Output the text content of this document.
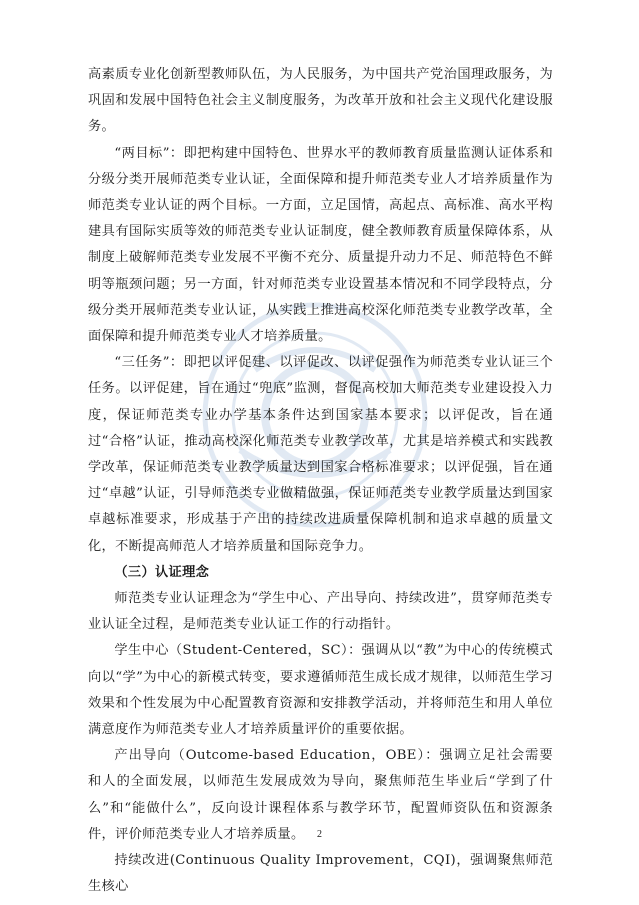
高素质专业化创新型教师队伍，为人民服务，为中国共产党治国理政服务，为巩固和发展中国特色社会主义制度服务，为改革开放和社会主义现代化建设服务。

“两目标”：即把构建中国特色、世界水平的教师教育质量监测认证体系和分级分类开展师范类专业认证，全面保障和提升师范类专业人才培养质量作为师范类专业认证的两个目标。一方面，立足国情，高起点、高标准、高水平构建具有国际实质等效的师范类专业认证制度，健全教师教育质量保障体系，从制度上破解师范类专业发展不平衡不充分、质量提升动力不足、师范特色不鲜明等瓶颈问题；另一方面，针对师范类专业设置基本情况和不同学段特点，分级分类开展师范类专业认证，从实践上推进高校深化师范类专业教学改革，全面保障和提升师范类专业人才培养质量。

“三任务”：即把以评促建、以评促改、以评促强作为师范类专业认证三个任务。以评促建，旨在通过“兜底”监测，督促高校加大师范类专业建设投入力度，保证师范类专业办学基本条件达到国家基本要求；以评促改，旨在通过“合格”认证，推动高校深化师范类专业教学改革，尤其是培养模式和实践教学改革，保证师范类专业教学质量达到国家合格标准要求；以评促强，旨在通过“卓越”认证，引导师范类专业做精做强，保证师范类专业教学质量达到国家卓越标准要求，形成基于产出的持续改进质量保障机制和追求卓越的质量文化，不断提高师范人才培养质量和国际竞争力。

（三）认证理念

师范类专业认证理念为“学生中心、产出导向、持续改进”，贯穿师范类专业认证全过程，是师范类专业认证工作的行动指针。

学生中心（Student-Centered，SC）：强调从以“教”为中心的传统模式向以“学”为中心的新模式转变，要求遵循师范生成长成才规律，以师范生学习效果和个性发展为中心配置教育资源和安排教学活动，并将师范生和用人单位满意度作为师范类专业人才培养质量评价的重要依据。

产出导向（Outcome-based Education，OBE）：强调立足社会需要和人的全面发展，以师范生发展成效为导向，聚焦师范生毕业后“学到了什么”和“能做什么”，反向设计课程体系与教学环节，配置师资队伍和资源条件，评价师范类专业人才培养质量。

持续改进(Continuous Quality Improvement，CQI)，强调聚焦师范生核心

2
